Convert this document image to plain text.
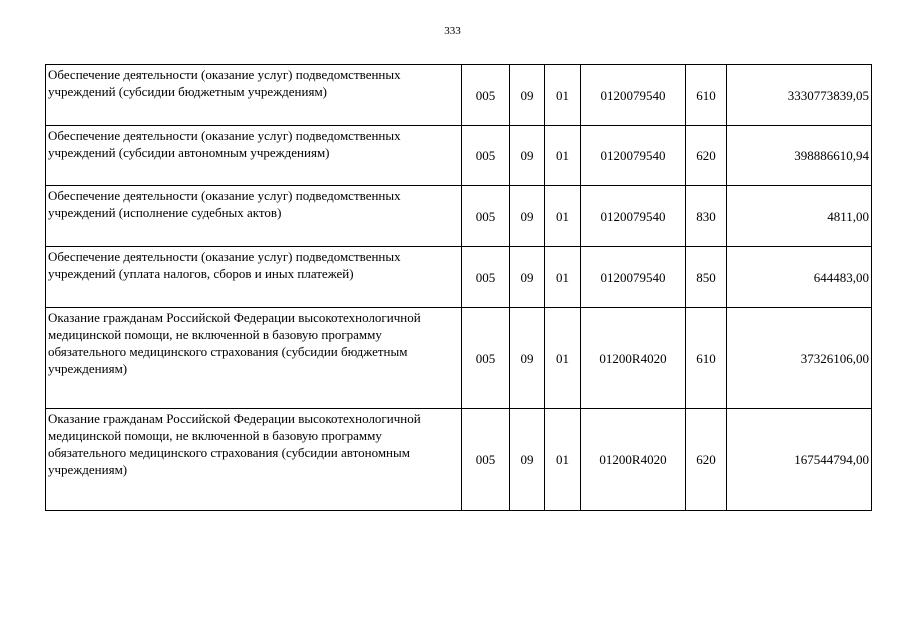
333
Обеспечение деятельности (оказание услуг) подведомственных учреждений (субсидии бюджетным учреждениям)	005	09	01	0120079540	610	3330773839,05
Обеспечение деятельности (оказание услуг) подведомственных учреждений (субсидии автономным учреждениям)	005	09	01	0120079540	620	398886610,94
Обеспечение деятельности (оказание услуг) подведомственных учреждений (исполнение судебных актов)	005	09	01	0120079540	830	4811,00
Обеспечение деятельности (оказание услуг) подведомственных учреждений (уплата налогов, сборов и иных платежей)	005	09	01	0120079540	850	644483,00
Оказание гражданам Российской Федерации высокотехнологичной медицинской помощи, не включенной в базовую программу обязательного медицинского страхования (субсидии бюджетным учреждениям)	005	09	01	01200R4020	610	37326106,00
Оказание гражданам Российской Федерации высокотехнологичной медицинской помощи, не включенной в базовую программу обязательного медицинского страхования (субсидии автономным учреждениям)	005	09	01	01200R4020	620	167544794,00
